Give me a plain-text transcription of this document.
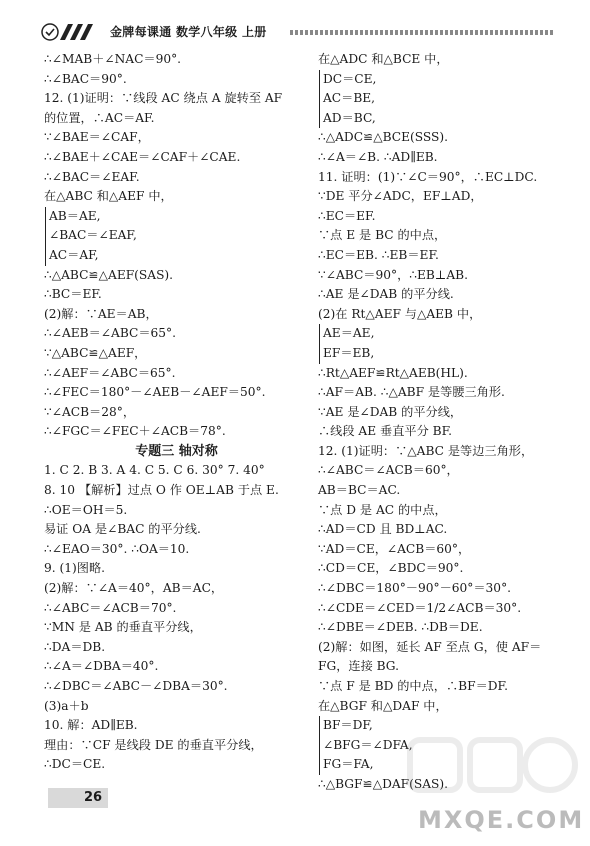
金牌每课通 数学八年级 上册
∴∠MAB＋∠NAC＝90°.
∴∠BAC＝90°.
12. (1)证明：∵线段 AC 绕点 A 旋转至 AF
的位置，∴AC＝AF.
∵∠BAE＝∠CAF，
∴∠BAE＋∠CAE＝∠CAF＋∠CAE.
∴∠BAC＝∠EAF.
在△ABC 和△AEF 中，
AB＝AE,
∠BAC＝∠EAF,
AC＝AF,
∴△ABC≌△AEF(SAS).
∴BC＝EF.
(2)解：∵AE＝AB，
∴∠AEB＝∠ABC＝65°.
∵△ABC≌△AEF，
∴∠AEF＝∠ABC＝65°.
∴∠FEC＝180°－∠AEB－∠AEF＝50°.
∵∠ACB＝28°，
∴∠FGC＝∠FEC＋∠ACB＝78°.
专题三 轴对称
1. C 2. B 3. A 4. C 5. C 6. 30° 7. 40°
8. 10 【解析】过点 O 作 OE⊥AB 于点 E.
∴OE＝OH＝5.
易证 OA 是∠BAC 的平分线.
∴∠EAO＝30°. ∴OA＝10.
9. (1)图略.
(2)解：∵∠A＝40°，AB＝AC，
∴∠ABC＝∠ACB＝70°.
∵MN 是 AB 的垂直平分线，
∴DA＝DB.
∴∠A＝∠DBA＝40°.
∴∠DBC＝∠ABC－∠DBA＝30°.
(3)a＋b
10. 解：AD∥EB.
理由：∵CF 是线段 DE 的垂直平分线，
∴DC＝CE.
在△ADC 和△BCE 中，
DC＝CE,
AC＝BE,
AD＝BC,
∴△ADC≌△BCE(SSS).
∴∠A＝∠B. ∴AD∥EB.
11. 证明：(1)∵∠C＝90°，∴EC⊥DC.
∵DE 平分∠ADC，EF⊥AD，
∴EC＝EF.
∵点 E 是 BC 的中点，
∴EC＝EB. ∴EB＝EF.
∵∠ABC＝90°，∴EB⊥AB.
∴AE 是∠DAB 的平分线.
(2)在 Rt△AEF 与△AEB 中，
AE＝AE,
EF＝EB,
∴Rt△AEF≌Rt△AEB(HL).
∴AF＝AB. ∴△ABF 是等腰三角形.
∵AE 是∠DAB 的平分线，
∴线段 AE 垂直平分 BF.
12. (1)证明：∵△ABC 是等边三角形，
∴∠ABC＝∠ACB＝60°，
AB＝BC＝AC.
∵点 D 是 AC 的中点，
∴AD＝CD 且 BD⊥AC.
∵AD＝CE，∠ACB＝60°，
∴CD＝CE，∠BDC＝90°.
∴∠DBC＝180°－90°－60°＝30°.
∴∠CDE＝∠CED＝1/2∠ACB＝30°.
∴∠DBE＝∠DEB. ∴DB＝DE.
(2)解：如图，延长 AF 至点 G，使 AF＝
FG，连接 BG.
∵点 F 是 BD 的中点，∴BF＝DF.
在△BGF 和△DAF 中，
BF＝DF,
∠BFG＝∠DFA,
FG＝FA,
∴△BGF≌△DAF(SAS).
26
MXQE.COM
